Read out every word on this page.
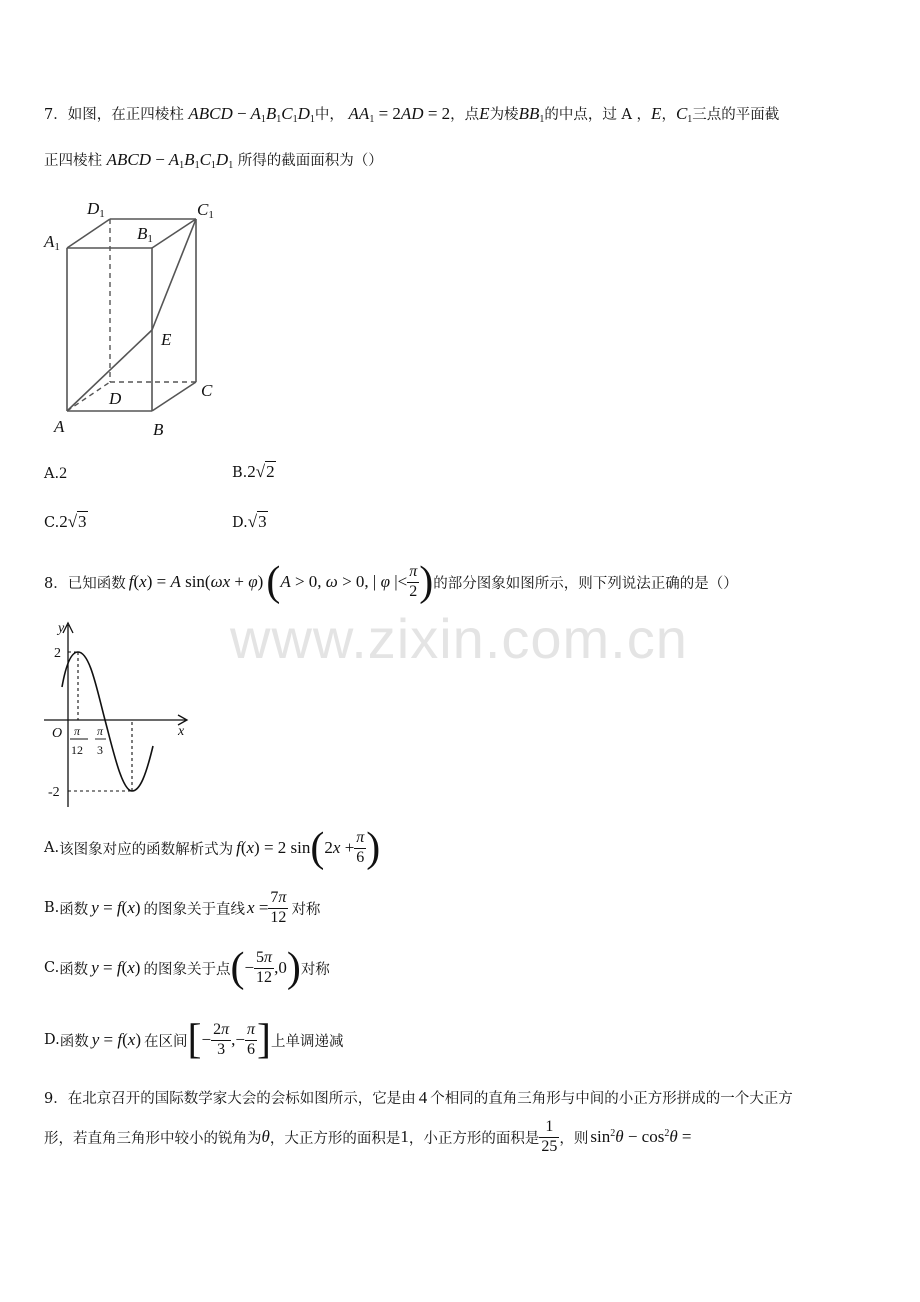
www.zixin.com.cn
7．如图，在正四棱柱 ABCD − $A_1B_1C_1D_1$中， $AA_1 = 2AD = 2$，点E为棱$BB_1$的中点，过 A ，E，$C_1$三点的平面截
正四棱柱 ABCD − $A_1B_1C_1D_1$ 所得的截面面积为（）
D1	C1
A1
B1
E
D	C
A	B
A.2	B.2√2
C.2√3	D.√3
8． 已知函数 f(x) = A sin(ωx + φ) ( A > 0, ω > 0, | φ |< $\frac{\pi}{2}$ ) 的部分图象如图所示，则下列说法正确的是（）
y
x
O
2
-2
π
12
π
3
A. 该图象对应的函数解析式为 f(x) = 2 sin ( $2x + \frac{\pi}{6}$ )
B. 函数 y = f(x) 的图象关于直线 $x = \frac{7\pi}{12}$ 对称
C. 函数 y = f(x) 的图象关于点 ( − $\frac{5\pi}{12} ,0$ ) 对称
D. 函数 y = f(x) 在区间 [ − $\frac{2\pi}{3}$ ,− $\frac{\pi}{6}$ ] 上单调递减
9．在北京召开的国际数学家大会的会标如图所示，它是由 4 个相同的直角三角形与中间的小正方形拼成的一个大正方
形，若直角三角形中较小的锐角为 θ ，大正方形的面积是 1 ，小正方形的面积是 $\frac{1}{25}$ ，则 $\sin^2\theta - \cos^2\theta$ =
